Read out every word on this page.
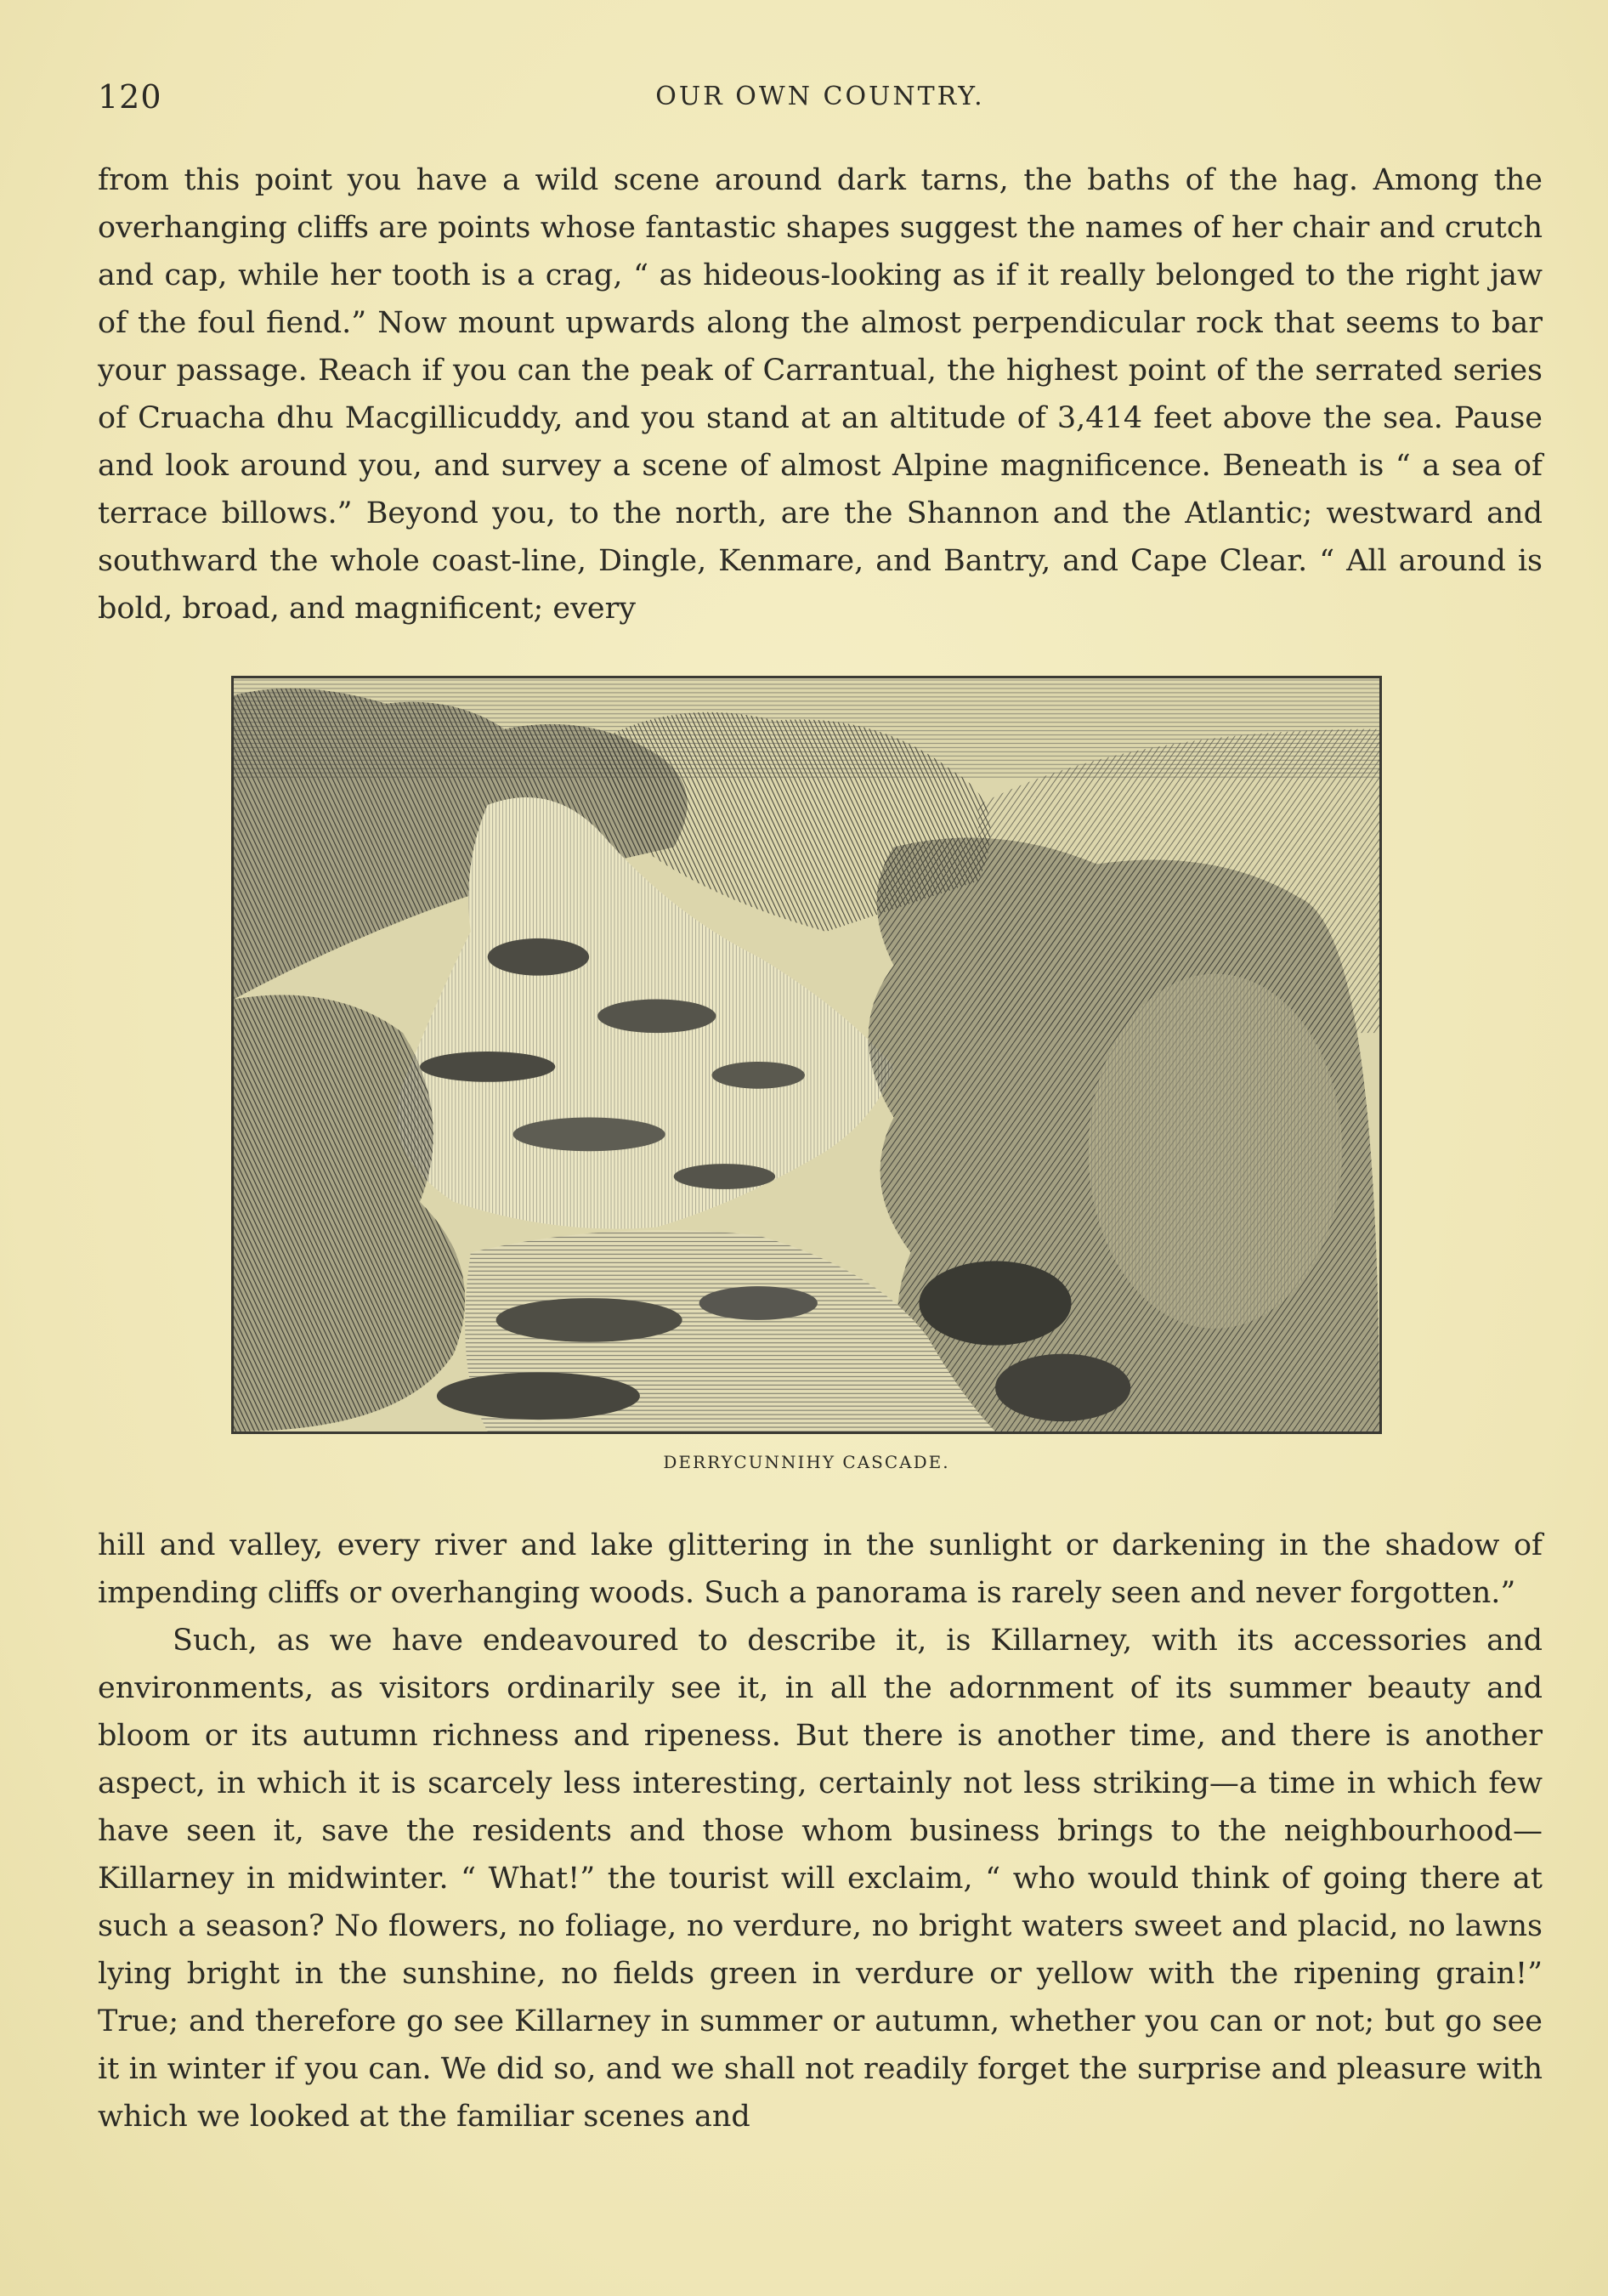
120	OUR OWN COUNTRY.

from this point you have a wild scene around dark tarns, the baths of the hag. Among the overhanging cliffs are points whose fantastic shapes suggest the names of her chair and crutch and cap, while her tooth is a crag, “ as hideous-looking as if it really belonged to the right jaw of the foul fiend.” Now mount upwards along the almost perpendicular rock that seems to bar your passage. Reach if you can the peak of Carrantual, the highest point of the serrated series of Cruacha dhu Macgillicuddy, and you stand at an altitude of 3,414 feet above the sea. Pause and look around you, and survey a scene of almost Alpine magnificence. Beneath is “ a sea of terrace billows.” Beyond you, to the north, are the Shannon and the Atlantic; westward and southward the whole coast-line, Dingle, Kenmare, and Bantry, and Cape Clear. “ All around is bold, broad, and magnificent; every

DERRYCUNNIHY CASCADE.

hill and valley, every river and lake glittering in the sunlight or darkening in the shadow of impending cliffs or overhanging woods. Such a panorama is rarely seen and never forgotten.”

Such, as we have endeavoured to describe it, is Killarney, with its accessories and environments, as visitors ordinarily see it, in all the adornment of its summer beauty and bloom or its autumn richness and ripeness. But there is another time, and there is another aspect, in which it is scarcely less interesting, certainly not less striking—a time in which few have seen it, save the residents and those whom business brings to the neighbourhood—Killarney in midwinter. “ What!” the tourist will exclaim, “ who would think of going there at such a season? No flowers, no foliage, no verdure, no bright waters sweet and placid, no lawns lying bright in the sunshine, no fields green in verdure or yellow with the ripening grain!” True; and therefore go see Killarney in summer or autumn, whether you can or not; but go see it in winter if you can. We did so, and we shall not readily forget the surprise and pleasure with which we looked at the familiar scenes and
